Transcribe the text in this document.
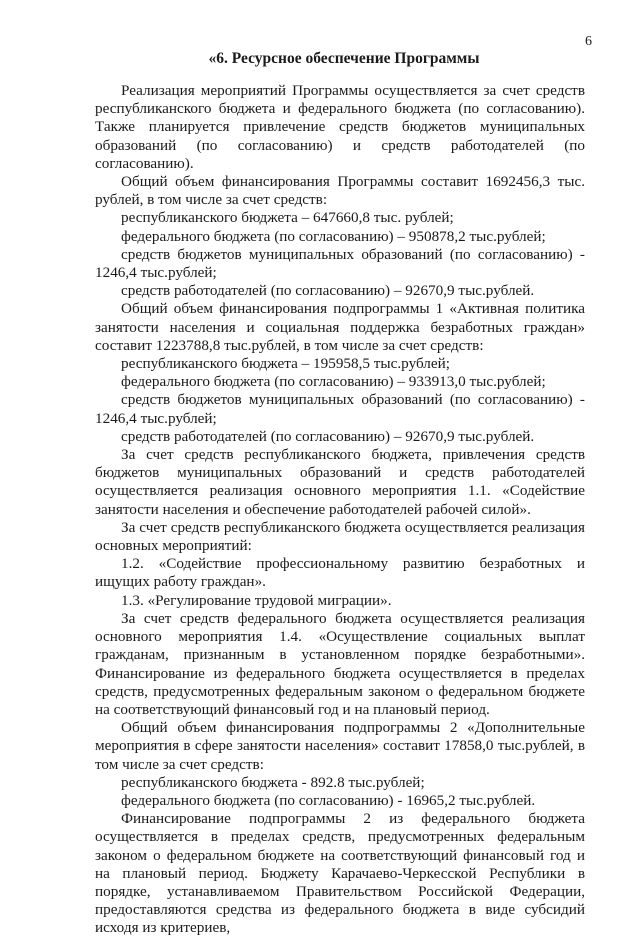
6
«6. Ресурсное обеспечение Программы

Реализация мероприятий Программы осуществляется за счет средств республиканского бюджета и федерального бюджета (по согласованию). Также планируется привлечение средств бюджетов муниципальных образований (по согласованию) и средств работодателей (по согласованию).

Общий объем финансирования Программы составит 1692456,3 тыс. рублей, в том числе за счет средств:

республиканского бюджета – 647660,8 тыс. рублей;

федерального бюджета (по согласованию) – 950878,2 тыс.рублей;

средств бюджетов муниципальных образований (по согласованию) - 1246,4 тыс.рублей;

средств работодателей (по согласованию) – 92670,9 тыс.рублей.

Общий объем финансирования подпрограммы 1 «Активная политика занятости населения и социальная поддержка безработных граждан» составит 1223788,8 тыс.рублей, в том числе за счет средств:

республиканского бюджета – 195958,5 тыс.рублей;

федерального бюджета (по согласованию) – 933913,0 тыс.рублей;

средств бюджетов муниципальных образований (по согласованию) - 1246,4 тыс.рублей;

средств работодателей (по согласованию) – 92670,9 тыс.рублей.

За счет средств республиканского бюджета, привлечения средств бюджетов муниципальных образований и средств работодателей осуществляется реализация основного мероприятия 1.1. «Содействие занятости населения и обеспечение работодателей рабочей силой».

За счет средств республиканского бюджета осуществляется реализация основных мероприятий:

1.2. «Содействие профессиональному развитию безработных и ищущих работу граждан».

1.3. «Регулирование трудовой миграции».

За счет средств федерального бюджета осуществляется реализация основного мероприятия 1.4. «Осуществление социальных выплат гражданам, признанным в установленном порядке безработными». Финансирование из федерального бюджета осуществляется в пределах средств, предусмотренных федеральным законом о федеральном бюджете на соответствующий финансовый год и на плановый период.

Общий объем финансирования подпрограммы 2 «Дополнительные мероприятия в сфере занятости населения» составит 17858,0 тыс.рублей, в том числе за счет средств:

республиканского бюджета - 892.8 тыс.рублей;

федерального бюджета (по согласованию) - 16965,2 тыс.рублей.

Финансирование подпрограммы 2 из федерального бюджета осуществляется в пределах средств, предусмотренных федеральным законом о федеральном бюджете на соответствующий финансовый год и на плановый период. Бюджету Карачаево-Черкесской Республики в порядке, устанавливаемом Правительством Российской Федерации, предоставляются средства из федерального бюджета в виде субсидий исходя из критериев,
